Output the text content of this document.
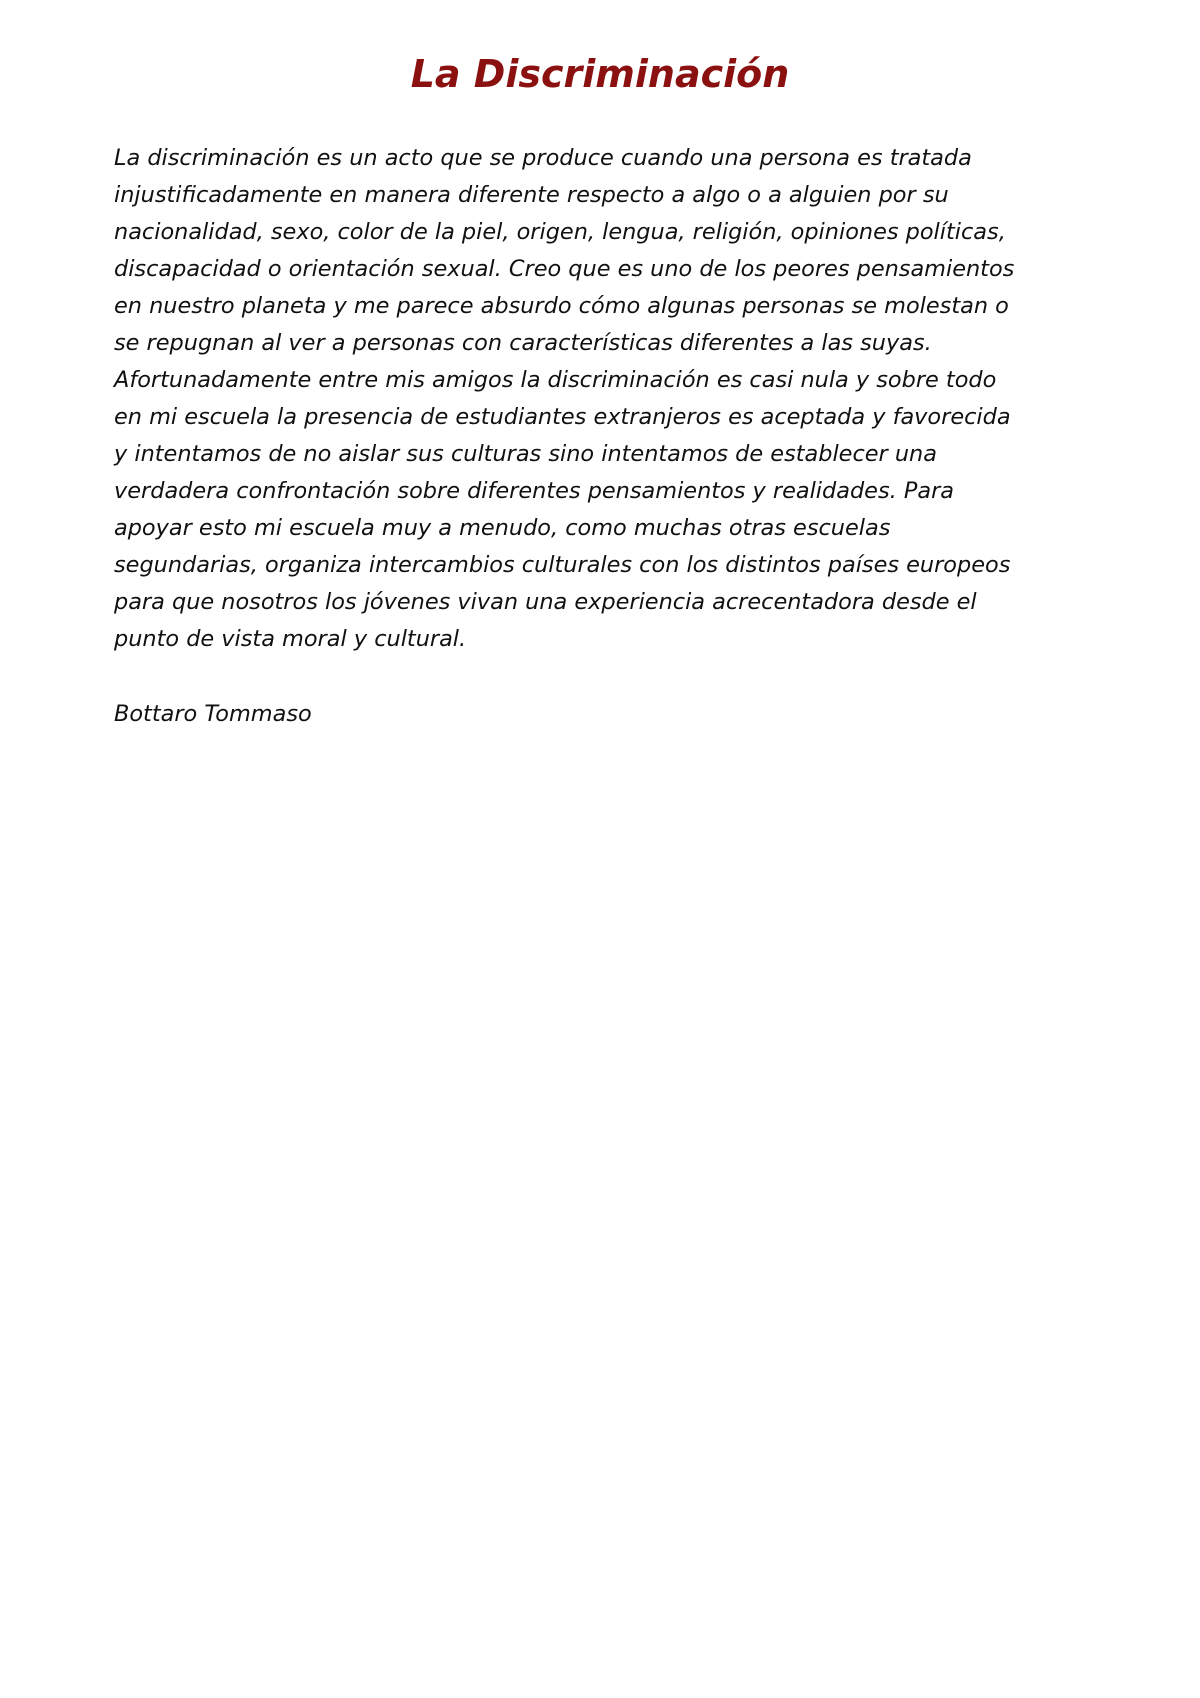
La Discriminación
La discriminación es un acto que se produce cuando una persona es tratada
injustificadamente en manera diferente respecto a algo o a alguien por su
nacionalidad, sexo, color de la piel, origen, lengua, religión, opiniones políticas,
discapacidad o orientación sexual. Creo que es uno de los peores pensamientos
en nuestro planeta y me parece absurdo cómo algunas personas se molestan o
se repugnan al ver a personas con características diferentes a las suyas.
Afortunadamente entre mis amigos la discriminación es casi nula y sobre todo
en mi escuela la presencia de estudiantes extranjeros es aceptada y favorecida
y intentamos de no aislar sus culturas sino intentamos de establecer una
verdadera confrontación sobre diferentes pensamientos y realidades. Para
apoyar esto mi escuela muy a menudo, como muchas otras escuelas
segundarias, organiza intercambios culturales con los distintos países europeos
para que nosotros los jóvenes vivan una experiencia acrecentadora desde el
punto de vista moral y cultural.
Bottaro Tommaso
